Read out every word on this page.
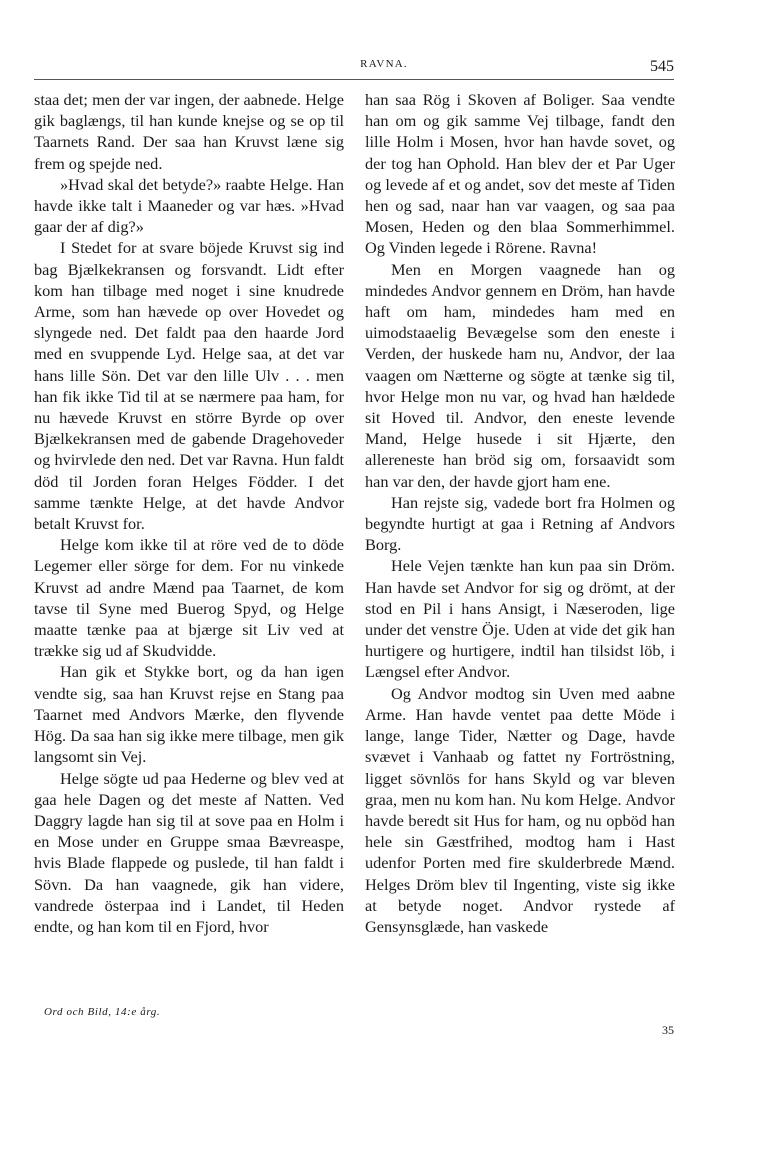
RAVNA.	545

staa det; men der var ingen, der aabnede. Helge gik baglængs, til han kunde knejse og se op til Taarnets Rand. Der saa han Kruvst læne sig frem og spejde ned.

»Hvad skal det betyde?» raabte Helge. Han havde ikke talt i Maaneder og var hæs. »Hvad gaar der af dig?»

I Stedet for at svare böjede Kruvst sig ind bag Bjælkekransen og forsvandt. Lidt efter kom han tilbage med noget i sine knudrede Arme, som han hævede op over Hovedet og slyngede ned. Det faldt paa den haarde Jord med en svuppende Lyd. Helge saa, at det var hans lille Sön. Det var den lille Ulv . . . men han fik ikke Tid til at se nærmere paa ham, for nu hævede Kruvst en större Byrde op over Bjælkekransen med de gabende Dragehoveder og hvirvlede den ned. Det var Ravna. Hun faldt död til Jorden foran Helges Födder. I det samme tænkte Helge, at det havde Andvor betalt Kruvst for.

Helge kom ikke til at röre ved de to döde Legemer eller sörge for dem. For nu vinkede Kruvst ad andre Mænd paa Taarnet, de kom tavse til Syne med Buerog Spyd, og Helge maatte tænke paa at bjærge sit Liv ved at trække sig ud af Skudvidde.

Han gik et Stykke bort, og da han igen vendte sig, saa han Kruvst rejse en Stang paa Taarnet med Andvors Mærke, den flyvende Hög. Da saa han sig ikke mere tilbage, men gik langsomt sin Vej.

Helge sögte ud paa Hederne og blev ved at gaa hele Dagen og det meste af Natten. Ved Daggry lagde han sig til at sove paa en Holm i en Mose under en Gruppe smaa Bævreaspe, hvis Blade flappede og puslede, til han faldt i Sövn. Da han vaagnede, gik han videre, vandrede österpaa ind i Landet, til Heden endte, og han kom til en Fjord, hvor

han saa Rög i Skoven af Boliger. Saa vendte han om og gik samme Vej tilbage, fandt den lille Holm i Mosen, hvor han havde sovet, og der tog han Ophold. Han blev der et Par Uger og levede af et og andet, sov det meste af Tiden hen og sad, naar han var vaagen, og saa paa Mosen, Heden og den blaa Sommerhimmel. Og Vinden legede i Rörene. Ravna!

Men en Morgen vaagnede han og mindedes Andvor gennem en Dröm, han havde haft om ham, mindedes ham med en uimodstaaelig Bevægelse som den eneste i Verden, der huskede ham nu, Andvor, der laa vaagen om Nætterne og sögte at tænke sig til, hvor Helge mon nu var, og hvad han hældede sit Hoved til. Andvor, den eneste levende Mand, Helge husede i sit Hjærte, den allereneste han bröd sig om, forsaavidt som han var den, der havde gjort ham ene.

Han rejste sig, vadede bort fra Holmen og begyndte hurtigt at gaa i Retning af Andvors Borg.

Hele Vejen tænkte han kun paa sin Dröm. Han havde set Andvor for sig og drömt, at der stod en Pil i hans Ansigt, i Næseroden, lige under det venstre Öje. Uden at vide det gik han hurtigere og hurtigere, indtil han tilsidst löb, i Længsel efter Andvor.

Og Andvor modtog sin Uven med aabne Arme. Han havde ventet paa dette Möde i lange, lange Tider, Nætter og Dage, havde svævet i Vanhaab og fattet ny Fortröstning, ligget sövnlös for hans Skyld og var bleven graa, men nu kom han. Nu kom Helge. Andvor havde beredt sit Hus for ham, og nu opböd han hele sin Gæstfrihed, modtog ham i Hast udenfor Porten med fire skulderbrede Mænd. Helges Dröm blev til Ingenting, viste sig ikke at betyde noget. Andvor rystede af Gensynsglæde, han vaskede

Ord och Bild, 14:e årg.
35
